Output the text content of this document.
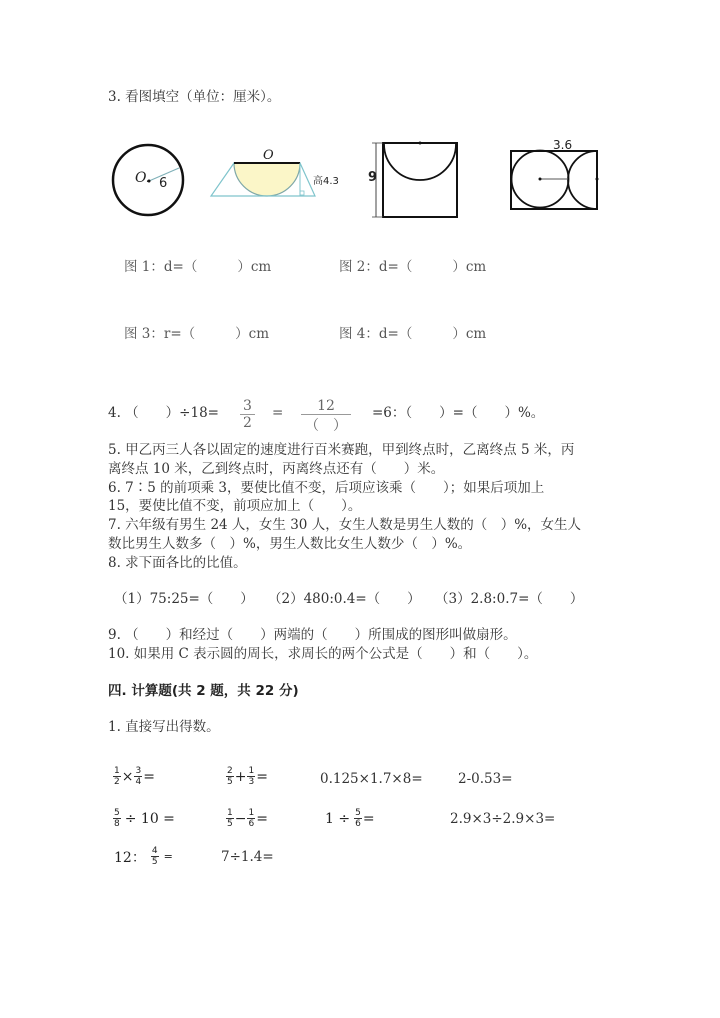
3. 看图填空（单位：厘米）。
O. 6
O
高4.3 9
3.6
图 1：d=（	）cm	图 2：d=（	）cm
图 3：r=（	）cm	图 4：d=（	）cm
4. （　　）÷18= 3
2
=	12
（　）
=6：（　　）=（　　）%。
5. 甲乙丙三人各以固定的速度进行百米赛跑，甲到终点时，乙离终点 5 米，丙
离终点 10 米，乙到终点时，丙离终点还有（　　）米。
6. 7∶5 的前项乘 3，要使比值不变，后项应该乘（　　）；如果后项加上
15，要使比值不变，前项应加上（　　）。
7. 六年级有男生 24 人，女生 30 人，女生人数是男生人数的（　）%，女生人
数比男生人数多（　）%，男生人数比女生人数少（　）%。
8. 求下面各比的比值。
（1）75:25=（　　） （2）480:0.4=（　　） （3）2.8:0.7=（　　）
9. （　　）和经过（　　）两端的（　　）所围成的图形叫做扇形。
10. 如果用 C 表示圆的周长，求周长的两个公式是（　　）和（　　）。
四. 计算题(共 2 题，共 22 分)
1. 直接写出得数。
$\frac{1}{2} \times \frac{3}{4}$ =	$\frac{2}{5} + \frac{1}{3}$ =	0.125×1.7×8=	2-0.53=
$\frac{5}{8} \div 10$ =	$\frac{1}{5} - \frac{1}{6}$ =	$1 \div \frac{5}{6}$ =	2.9×3÷2.9×3=
12： $\frac{4}{5}$ =	7÷1.4=
